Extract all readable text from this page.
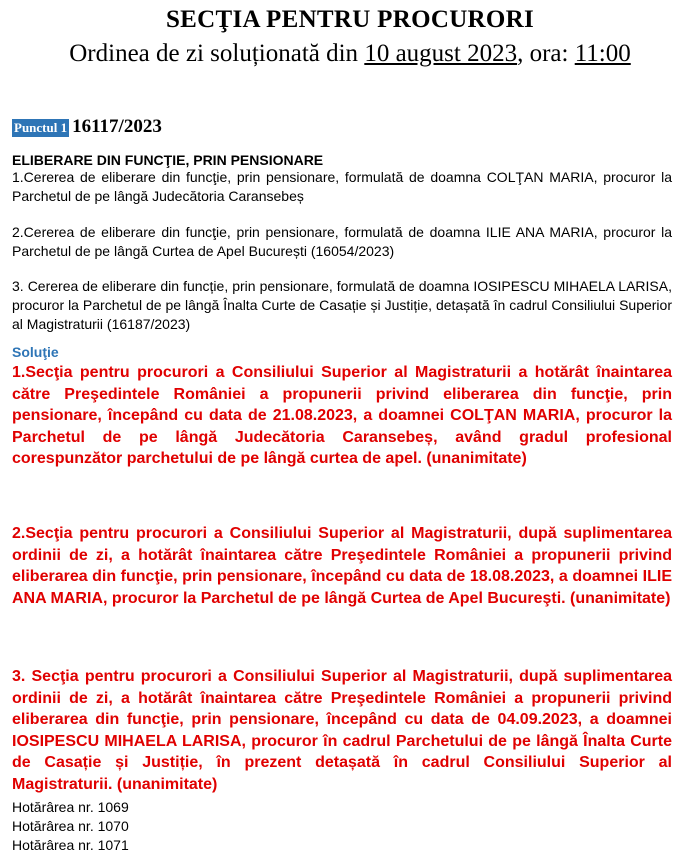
SECŢIA PENTRU PROCURORI
Ordinea de zi soluționată din 10 august 2023, ora: 11:00
Punctul 1 16117/2023
ELIBERARE DIN FUNCŢIE, PRIN PENSIONARE
1.Cererea de eliberare din funcţie, prin pensionare, formulată de doamna COLŢAN MARIA, procuror la Parchetul de pe lângă Judecătoria Caransebeș
2.Cererea de eliberare din funcţie, prin pensionare, formulată de doamna ILIE ANA MARIA, procuror la Parchetul de pe lângă Curtea de Apel București (16054/2023)
3. Cererea de eliberare din funcție, prin pensionare, formulată de doamna IOSIPESCU MIHAELA LARISA, procuror la Parchetul de pe lângă Înalta Curte de Casație și Justiție, detașată în cadrul Consiliului Superior al Magistraturii (16187/2023)
Soluţie
1.Secţia pentru procurori a Consiliului Superior al Magistraturii a hotărât înaintarea către Preşedintele României a propunerii privind eliberarea din funcţie, prin pensionare, începând cu data de 21.08.2023, a doamnei COLŢAN MARIA, procuror la Parchetul de pe lângă Judecătoria Caransebeș, având gradul profesional corespunzător parchetului de pe lângă curtea de apel. (unanimitate)
2.Secţia pentru procurori a Consiliului Superior al Magistraturii, după suplimentarea ordinii de zi, a hotărât înaintarea către Preşedintele României a propunerii privind eliberarea din funcţie, prin pensionare, începând cu data de 18.08.2023, a doamnei ILIE ANA MARIA, procuror la Parchetul de pe lângă Curtea de Apel Bucureşti. (unanimitate)
3. Secţia pentru procurori a Consiliului Superior al Magistraturii, după suplimentarea ordinii de zi, a hotărât înaintarea către Preşedintele României a propunerii privind eliberarea din funcţie, prin pensionare, începând cu data de 04.09.2023, a doamnei IOSIPESCU MIHAELA LARISA, procuror în cadrul Parchetului de pe lângă Înalta Curte de Casație și Justiție, în prezent detașată în cadrul Consiliului Superior al Magistraturii. (unanimitate)
Hotărârea nr. 1069
Hotărârea nr. 1070
Hotărârea nr. 1071
